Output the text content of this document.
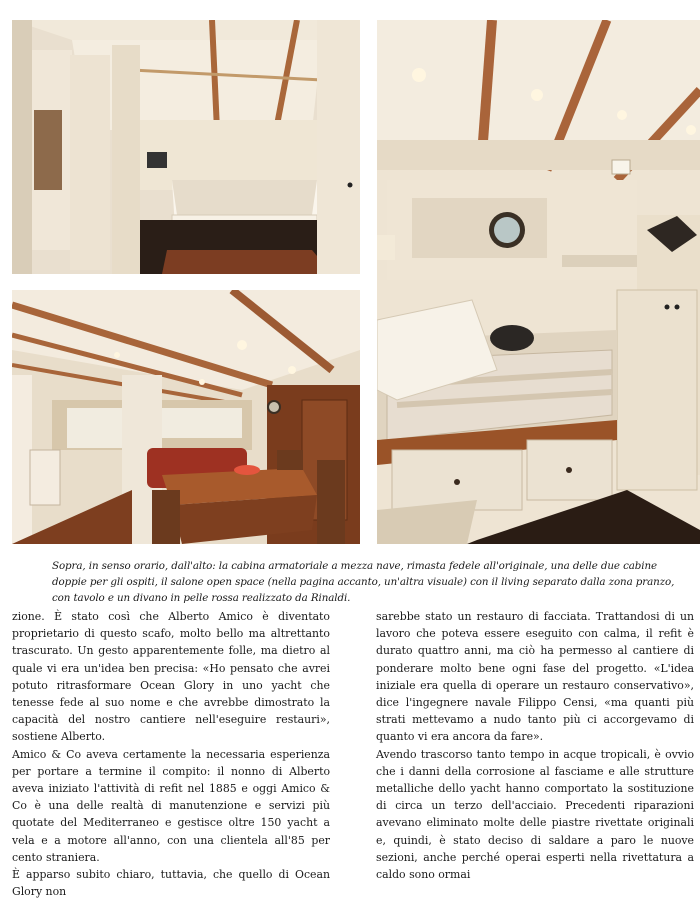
Sopra, in senso orario, dall'alto: la cabina armatoriale a mezza nave, rimasta fedele all'originale, una delle due cabine doppie per gli ospiti, il salone open space (nella pagina accanto, un'altra visuale) con il living separato dalla zona pranzo, con tavolo e un divano in pelle rossa realizzato da Rinaldi.

zione. È stato così che Alberto Amico è diventato proprietario di questo scafo, molto bello ma altrettanto trascurato. Un gesto apparentemente folle, ma dietro al quale vi era un'idea ben precisa: «Ho pensato che avrei potuto ritrasformare Ocean Glory in uno yacht che tenesse fede al suo nome e che avrebbe dimostrato la capacità del nostro cantiere nell'eseguire restauri», sostiene Alberto.

Amico & Co aveva certamente la necessaria esperienza per portare a termine il compito: il nonno di Alberto aveva iniziato l'attività di refit nel 1885 e oggi Amico & Co è una delle realtà di manutenzione e servizi più quotate del Mediterraneo e gestisce oltre 150 yacht a vela e a motore all'anno, con una clientela all'85 per cento straniera.

È apparso subito chiaro, tuttavia, che quello di Ocean Glory non

sarebbe stato un restauro di facciata. Trattandosi di un lavoro che poteva essere eseguito con calma, il refit è durato quattro anni, ma ciò ha permesso al cantiere di ponderare molto bene ogni fase del progetto. «L'idea iniziale era quella di operare un restauro conservativo», dice l'ingegnere navale Filippo Censi, «ma quanti più strati mettevamo a nudo tanto più ci accorgevamo di quanto vi era ancora da fare».

Avendo trascorso tanto tempo in acque tropicali, è ovvio che i danni della corrosione al fasciame e alle strutture metalliche dello yacht hanno comportato la sostituzione di circa un terzo dell'acciaio. Precedenti riparazioni avevano eliminato molte delle piastre rivettate originali e, quindi, è stato deciso di saldare a paro le nuove sezioni, anche perché operai esperti nella rivettatura a caldo sono ormai
